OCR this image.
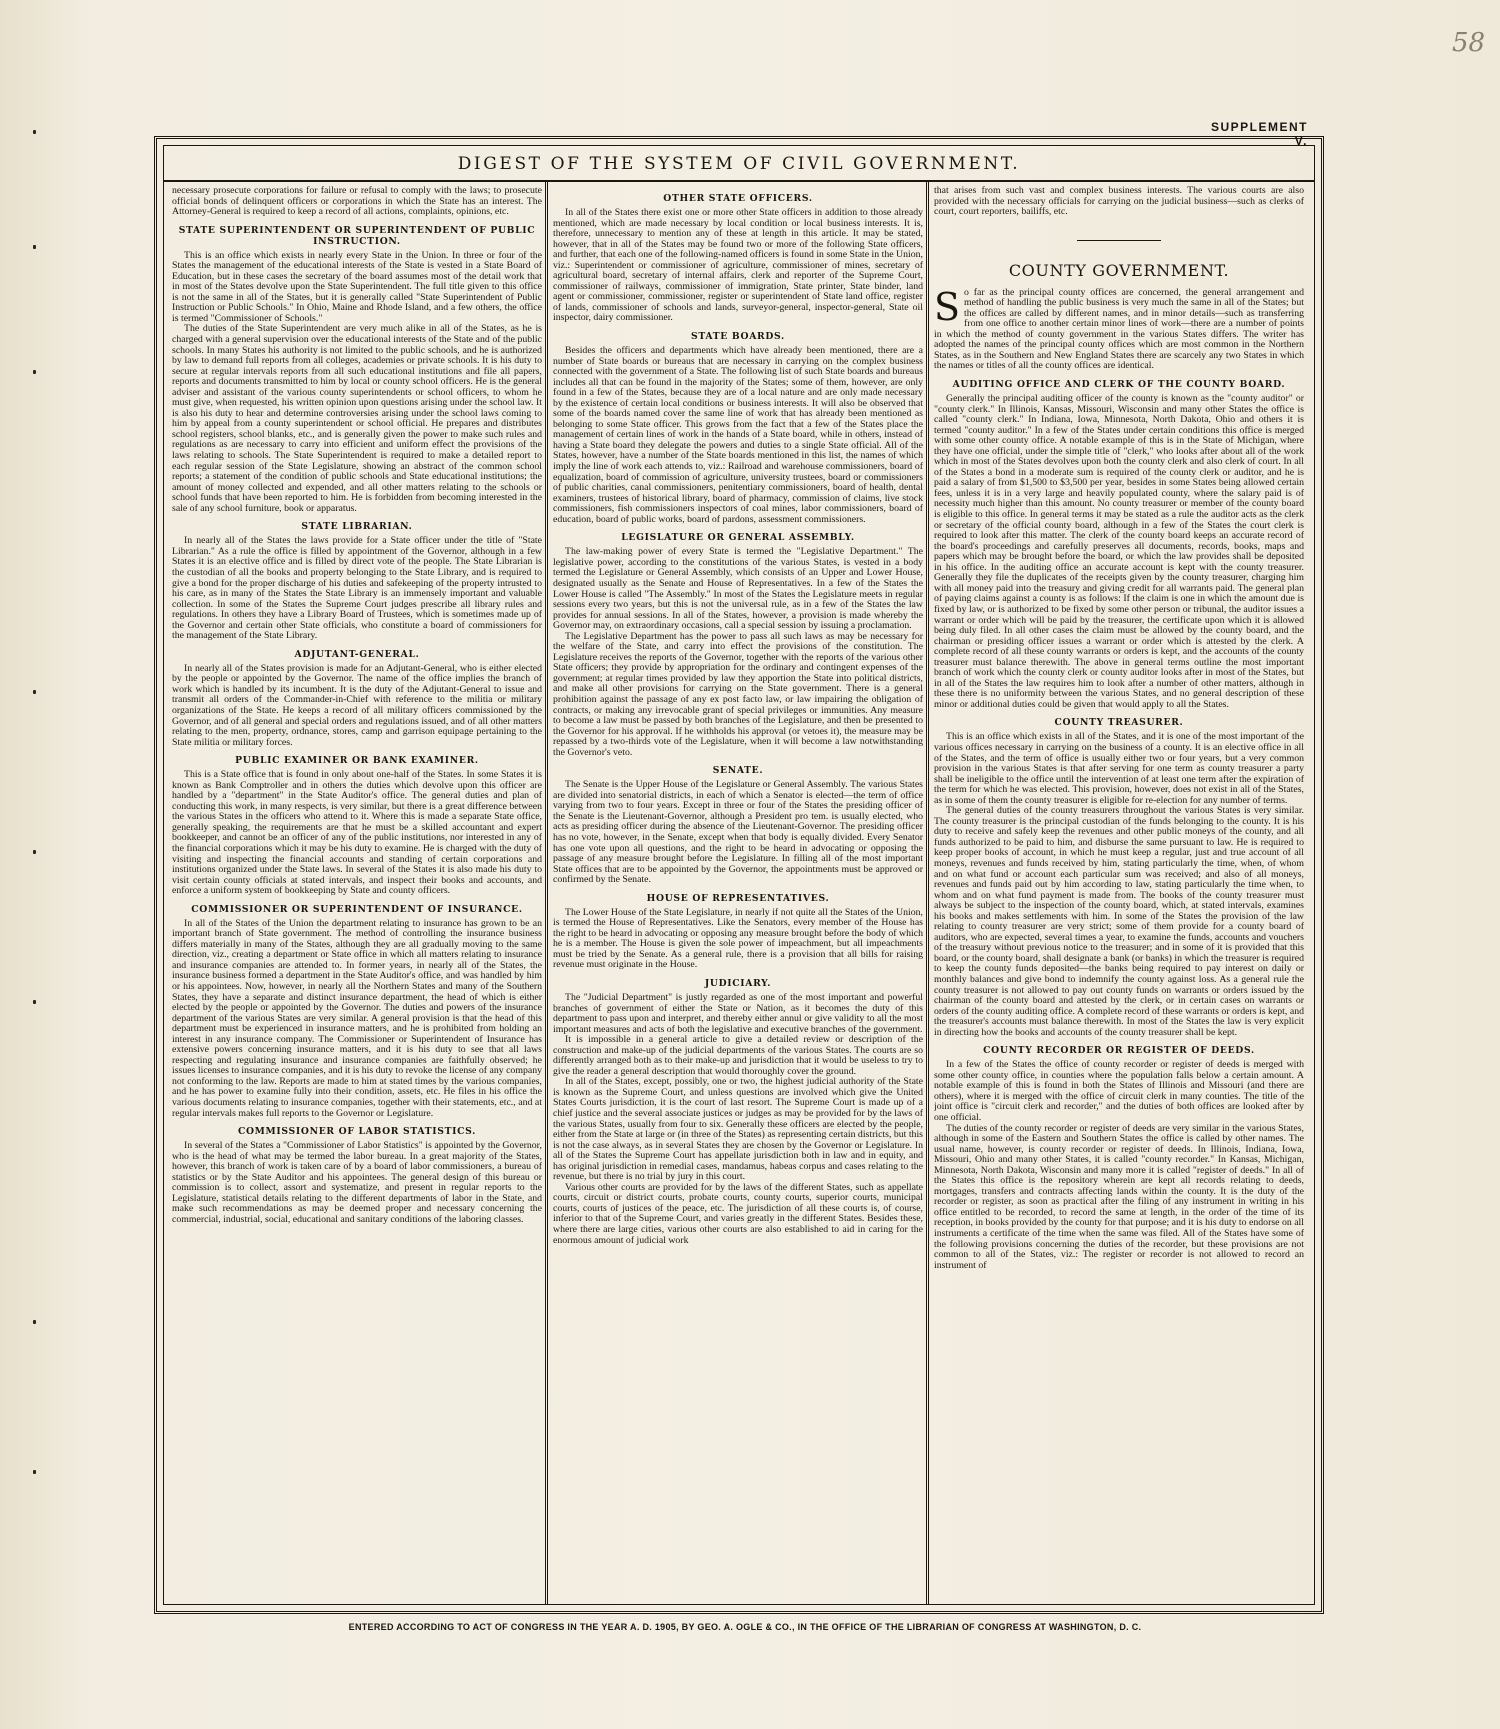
58
SUPPLEMENT V.
DIGEST OF THE SYSTEM OF CIVIL GOVERNMENT.

necessary prosecute corporations for failure or refusal to comply with the laws; to prosecute official bonds of delinquent officers or corporations in which the State has an interest. The Attorney-General is required to keep a record of all actions, complaints, opinions, etc.

STATE SUPERINTENDENT OR SUPERINTENDENT OF PUBLIC INSTRUCTION.

This is an office which exists in nearly every State in the Union. In three or four of the States the management of the educational interests of the State is vested in a State Board of Education, but in these cases the secretary of the board assumes most of the detail work that in most of the States devolve upon the State Superintendent. The full title given to this office is not the same in all of the States, but it is generally called "State Superintendent of Public Instruction or Public Schools." In Ohio, Maine and Rhode Island, and a few others, the office is termed "Commissioner of Schools."

The duties of the State Superintendent are very much alike in all of the States, as he is charged with a general supervision over the educational interests of the State and of the public schools. In many States his authority is not limited to the public schools, and he is authorized by law to demand full reports from all colleges, academies or private schools. It is his duty to secure at regular intervals reports from all such educational institutions and file all papers, reports and documents transmitted to him by local or county school officers. He is the general adviser and assistant of the various county superintendents or school officers, to whom he must give, when requested, his written opinion upon questions arising under the school law. It is also his duty to hear and determine controversies arising under the school laws coming to him by appeal from a county superintendent or school official. He prepares and distributes school registers, school blanks, etc., and is generally given the power to make such rules and regulations as are necessary to carry into efficient and uniform effect the provisions of the laws relating to schools. The State Superintendent is required to make a detailed report to each regular session of the State Legislature, showing an abstract of the common school reports; a statement of the condition of public schools and State educational institutions; the amount of money collected and expended, and all other matters relating to the schools or school funds that have been reported to him. He is forbidden from becoming interested in the sale of any school furniture, book or apparatus.

STATE LIBRARIAN.

In nearly all of the States the laws provide for a State officer under the title of "State Librarian." As a rule the office is filled by appointment of the Governor, although in a few States it is an elective office and is filled by direct vote of the people. The State Librarian is the custodian of all the books and property belonging to the State Library, and is required to give a bond for the proper discharge of his duties and safekeeping of the property intrusted to his care, as in many of the States the State Library is an immensely important and valuable collection. In some of the States the Supreme Court judges prescribe all library rules and regulations. In others they have a Library Board of Trustees, which is sometimes made up of the Governor and certain other State officials, who constitute a board of commissioners for the management of the State Library.

ADJUTANT-GENERAL.

In nearly all of the States provision is made for an Adjutant-General, who is either elected by the people or appointed by the Governor. The name of the office implies the branch of work which is handled by its incumbent. It is the duty of the Adjutant-General to issue and transmit all orders of the Commander-in-Chief with reference to the militia or military organizations of the State. He keeps a record of all military officers commissioned by the Governor, and of all general and special orders and regulations issued, and of all other matters relating to the men, property, ordnance, stores, camp and garrison equipage pertaining to the State militia or military forces.

PUBLIC EXAMINER OR BANK EXAMINER.

This is a State office that is found in only about one-half of the States. In some States it is known as Bank Comptroller and in others the duties which devolve upon this officer are handled by a "department" in the State Auditor's office. The general duties and plan of conducting this work, in many respects, is very similar, but there is a great difference between the various States in the officers who attend to it. Where this is made a separate State office, generally speaking, the requirements are that he must be a skilled accountant and expert bookkeeper, and cannot be an officer of any of the public institutions, nor interested in any of the financial corporations which it may be his duty to examine. He is charged with the duty of visiting and inspecting the financial accounts and standing of certain corporations and institutions organized under the State laws. In several of the States it is also made his duty to visit certain county officials at stated intervals, and inspect their books and accounts, and enforce a uniform system of bookkeeping by State and county officers.

COMMISSIONER OR SUPERINTENDENT OF INSURANCE.

In all of the States of the Union the department relating to insurance has grown to be an important branch of State government. The method of controlling the insurance business differs materially in many of the States, although they are all gradually moving to the same direction, viz., creating a department or State office in which all matters relating to insurance and insurance companies are attended to. In former years, in nearly all of the States, the insurance business formed a department in the State Auditor's office, and was handled by him or his appointees. Now, however, in nearly all the Northern States and many of the Southern States, they have a separate and distinct insurance department, the head of which is either elected by the people or appointed by the Governor. The duties and powers of the insurance department of the various States are very similar. A general provision is that the head of this department must be experienced in insurance matters, and he is prohibited from holding an interest in any insurance company. The Commissioner or Superintendent of Insurance has extensive powers concerning insurance matters, and it is his duty to see that all laws respecting and regulating insurance and insurance companies are faithfully observed; he issues licenses to insurance companies, and it is his duty to revoke the license of any company not conforming to the law. Reports are made to him at stated times by the various companies, and he has power to examine fully into their condition, assets, etc. He files in his office the various documents relating to insurance companies, together with their statements, etc., and at regular intervals makes full reports to the Governor or Legislature.

COMMISSIONER OF LABOR STATISTICS.

In several of the States a "Commissioner of Labor Statistics" is appointed by the Governor, who is the head of what may be termed the labor bureau. In a great majority of the States, however, this branch of work is taken care of by a board of labor commissioners, a bureau of statistics or by the State Auditor and his appointees. The general design of this bureau or commission is to collect, assort and systematize, and present in regular reports to the Legislature, statistical details relating to the different departments of labor in the State, and make such recommendations as may be deemed proper and necessary concerning the commercial, industrial, social, educational and sanitary conditions of the laboring classes.

OTHER STATE OFFICERS.

In all of the States there exist one or more other State officers in addition to those already mentioned, which are made necessary by local condition or local business interests. It is, therefore, unnecessary to mention any of these at length in this article. It may be stated, however, that in all of the States may be found two or more of the following State officers, and further, that each one of the following-named officers is found in some State in the Union, viz.: Superintendent or commissioner of agriculture, commissioner of mines, secretary of agricultural board, secretary of internal affairs, clerk and reporter of the Supreme Court, commissioner of railways, commissioner of immigration, State printer, State binder, land agent or commissioner, commissioner, register or superintendent of State land office, register of lands, commissioner of schools and lands, surveyor-general, inspector-general, State oil inspector, dairy commissioner.

STATE BOARDS.

Besides the officers and departments which have already been mentioned, there are a number of State boards or bureaus that are necessary in carrying on the complex business connected with the government of a State. The following list of such State boards and bureaus includes all that can be found in the majority of the States; some of them, however, are only found in a few of the States, because they are of a local nature and are only made necessary by the existence of certain local conditions or business interests. It will also be observed that some of the boards named cover the same line of work that has already been mentioned as belonging to some State officer. This grows from the fact that a few of the States place the management of certain lines of work in the hands of a State board, while in others, instead of having a State board they delegate the powers and duties to a single State official. All of the States, however, have a number of the State boards mentioned in this list, the names of which imply the line of work each attends to, viz.: Railroad and warehouse commissioners, board of equalization, board of commission of agriculture, university trustees, board or commissioners of public charities, canal commissioners, penitentiary commissioners, board of health, dental examiners, trustees of historical library, board of pharmacy, commission of claims, live stock commissioners, fish commissioners inspectors of coal mines, labor commissioners, board of education, board of public works, board of pardons, assessment commissioners.

LEGISLATURE OR GENERAL ASSEMBLY.

The law-making power of every State is termed the "Legislative Department." The legislative power, according to the constitutions of the various States, is vested in a body termed the Legislature or General Assembly, which consists of an Upper and Lower House, designated usually as the Senate and House of Representatives. In a few of the States the Lower House is called "The Assembly." In most of the States the Legislature meets in regular sessions every two years, but this is not the universal rule, as in a few of the States the law provides for annual sessions. In all of the States, however, a provision is made whereby the Governor may, on extraordinary occasions, call a special session by issuing a proclamation.

The Legislative Department has the power to pass all such laws as may be necessary for the welfare of the State, and carry into effect the provisions of the constitution. The Legislature receives the reports of the Governor, together with the reports of the various other State officers; they provide by appropriation for the ordinary and contingent expenses of the government; at regular times provided by law they apportion the State into political districts, and make all other provisions for carrying on the State government. There is a general prohibition against the passage of any ex post facto law, or law impairing the obligation of contracts, or making any irrevocable grant of special privileges or immunities. Any measure to become a law must be passed by both branches of the Legislature, and then be presented to the Governor for his approval. If he withholds his approval (or vetoes it), the measure may be repassed by a two-thirds vote of the Legislature, when it will become a law notwithstanding the Governor's veto.

SENATE.

The Senate is the Upper House of the Legislature or General Assembly. The various States are divided into senatorial districts, in each of which a Senator is elected—the term of office varying from two to four years. Except in three or four of the States the presiding officer of the Senate is the Lieutenant-Governor, although a President pro tem. is usually elected, who acts as presiding officer during the absence of the Lieutenant-Governor. The presiding officer has no vote, however, in the Senate, except when that body is equally divided. Every Senator has one vote upon all questions, and the right to be heard in advocating or opposing the passage of any measure brought before the Legislature. In filling all of the most important State offices that are to be appointed by the Governor, the appointments must be approved or confirmed by the Senate.

HOUSE OF REPRESENTATIVES.

The Lower House of the State Legislature, in nearly if not quite all the States of the Union, is termed the House of Representatives. Like the Senators, every member of the House has the right to be heard in advocating or opposing any measure brought before the body of which he is a member. The House is given the sole power of impeachment, but all impeachments must be tried by the Senate. As a general rule, there is a provision that all bills for raising revenue must originate in the House.

JUDICIARY.

The "Judicial Department" is justly regarded as one of the most important and powerful branches of government of either the State or Nation, as it becomes the duty of this department to pass upon and interpret, and thereby either annul or give validity to all the most important measures and acts of both the legislative and executive branches of the government.

It is impossible in a general article to give a detailed review or description of the construction and make-up of the judicial departments of the various States. The courts are so differently arranged both as to their make-up and jurisdiction that it would be useless to try to give the reader a general description that would thoroughly cover the ground.

In all of the States, except, possibly, one or two, the highest judicial authority of the State is known as the Supreme Court, and unless questions are involved which give the United States Courts jurisdiction, it is the court of last resort. The Supreme Court is made up of a chief justice and the several associate justices or judges as may be provided for by the laws of the various States, usually from four to six. Generally these officers are elected by the people, either from the State at large or (in three of the States) as representing certain districts, but this is not the case always, as in several States they are chosen by the Governor or Legislature. In all of the States the Supreme Court has appellate jurisdiction both in law and in equity, and has original jurisdiction in remedial cases, mandamus, habeas corpus and cases relating to the revenue, but there is no trial by jury in this court.

Various other courts are provided for by the laws of the different States, such as appellate courts, circuit or district courts, probate courts, county courts, superior courts, municipal courts, courts of justices of the peace, etc. The jurisdiction of all these courts is, of course, inferior to that of the Supreme Court, and varies greatly in the different States. Besides these, where there are large cities, various other courts are also established to aid in caring for the enormous amount of judicial work

that arises from such vast and complex business interests. The various courts are also provided with the necessary officials for carrying on the judicial business—such as clerks of court, court reporters, bailiffs, etc.

COUNTY GOVERNMENT.

So far as the principal county offices are concerned, the general arrangement and method of handling the public business is very much the same in all of the States; but the offices are called by different names, and in minor details—such as transferring from one office to another certain minor lines of work—there are a number of points in which the method of county government in the various States differs. The writer has adopted the names of the principal county offices which are most common in the Northern States, as in the Southern and New England States there are scarcely any two States in which the names or titles of all the county offices are identical.

AUDITING OFFICE AND CLERK OF THE COUNTY BOARD.

Generally the principal auditing officer of the county is known as the "county auditor" or "county clerk." In Illinois, Kansas, Missouri, Wisconsin and many other States the office is called "county clerk." In Indiana, Iowa, Minnesota, North Dakota, Ohio and others it is termed "county auditor." In a few of the States under certain conditions this office is merged with some other county office. A notable example of this is in the State of Michigan, where they have one official, under the simple title of "clerk," who looks after about all of the work which in most of the States devolves upon both the county clerk and also clerk of court. In all of the States a bond in a moderate sum is required of the county clerk or auditor, and he is paid a salary of from $1,500 to $3,500 per year, besides in some States being allowed certain fees, unless it is in a very large and heavily populated county, where the salary paid is of necessity much higher than this amount. No county treasurer or member of the county board is eligible to this office. In general terms it may be stated as a rule the auditor acts as the clerk or secretary of the official county board, although in a few of the States the court clerk is required to look after this matter. The clerk of the county board keeps an accurate record of the board's proceedings and carefully preserves all documents, records, books, maps and papers which may be brought before the board, or which the law provides shall be deposited in his office. In the auditing office an accurate account is kept with the county treasurer. Generally they file the duplicates of the receipts given by the county treasurer, charging him with all money paid into the treasury and giving credit for all warrants paid. The general plan of paying claims against a county is as follows: If the claim is one in which the amount due is fixed by law, or is authorized to be fixed by some other person or tribunal, the auditor issues a warrant or order which will be paid by the treasurer, the certificate upon which it is allowed being duly filed. In all other cases the claim must be allowed by the county board, and the chairman or presiding officer issues a warrant or order which is attested by the clerk. A complete record of all these county warrants or orders is kept, and the accounts of the county treasurer must balance therewith. The above in general terms outline the most important branch of work which the county clerk or county auditor looks after in most of the States, but in all of the States the law requires him to look after a number of other matters, although in these there is no uniformity between the various States, and no general description of these minor or additional duties could be given that would apply to all the States.

COUNTY TREASURER.

This is an office which exists in all of the States, and it is one of the most important of the various offices necessary in carrying on the business of a county. It is an elective office in all of the States, and the term of office is usually either two or four years, but a very common provision in the various States is that after serving for one term as county treasurer a party shall be ineligible to the office until the intervention of at least one term after the expiration of the term for which he was elected. This provision, however, does not exist in all of the States, as in some of them the county treasurer is eligible for re-election for any number of terms.

The general duties of the county treasurers throughout the various States is very similar. The county treasurer is the principal custodian of the funds belonging to the county. It is his duty to receive and safely keep the revenues and other public moneys of the county, and all funds authorized to be paid to him, and disburse the same pursuant to law. He is required to keep proper books of account, in which he must keep a regular, just and true account of all moneys, revenues and funds received by him, stating particularly the time, when, of whom and on what fund or account each particular sum was received; and also of all moneys, revenues and funds paid out by him according to law, stating particularly the time when, to whom and on what fund payment is made from. The books of the county treasurer must always be subject to the inspection of the county board, which, at stated intervals, examines his books and makes settlements with him. In some of the States the provision of the law relating to county treasurer are very strict; some of them provide for a county board of auditors, who are expected, several times a year, to examine the funds, accounts and vouchers of the treasury without previous notice to the treasurer; and in some of it is provided that this board, or the county board, shall designate a bank (or banks) in which the treasurer is required to keep the county funds deposited—the banks being required to pay interest on daily or monthly balances and give bond to indemnify the county against loss. As a general rule the county treasurer is not allowed to pay out county funds on warrants or orders issued by the chairman of the county board and attested by the clerk, or in certain cases on warrants or orders of the county auditing office. A complete record of these warrants or orders is kept, and the treasurer's accounts must balance therewith. In most of the States the law is very explicit in directing how the books and accounts of the county treasurer shall be kept.

COUNTY RECORDER OR REGISTER OF DEEDS.

In a few of the States the office of county recorder or register of deeds is merged with some other county office, in counties where the population falls below a certain amount. A notable example of this is found in both the States of Illinois and Missouri (and there are others), where it is merged with the office of circuit clerk in many counties. The title of the joint office is "circuit clerk and recorder," and the duties of both offices are looked after by one official.

The duties of the county recorder or register of deeds are very similar in the various States, although in some of the Eastern and Southern States the office is called by other names. The usual name, however, is county recorder or register of deeds. In Illinois, Indiana, Iowa, Missouri, Ohio and many other States, it is called "county recorder." In Kansas, Michigan, Minnesota, North Dakota, Wisconsin and many more it is called "register of deeds." In all of the States this office is the repository wherein are kept all records relating to deeds, mortgages, transfers and contracts affecting lands within the county. It is the duty of the recorder or register, as soon as practical after the filing of any instrument in writing in his office entitled to be recorded, to record the same at length, in the order of the time of its reception, in books provided by the county for that purpose; and it is his duty to endorse on all instruments a certificate of the time when the same was filed. All of the States have some of the following provisions concerning the duties of the recorder, but these provisions are not common to all of the States, viz.: The register or recorder is not allowed to record an instrument of

ENTERED ACCORDING TO ACT OF CONGRESS IN THE YEAR A. D. 1905, BY GEO. A. OGLE & CO., IN THE OFFICE OF THE LIBRARIAN OF CONGRESS AT WASHINGTON, D. C.
